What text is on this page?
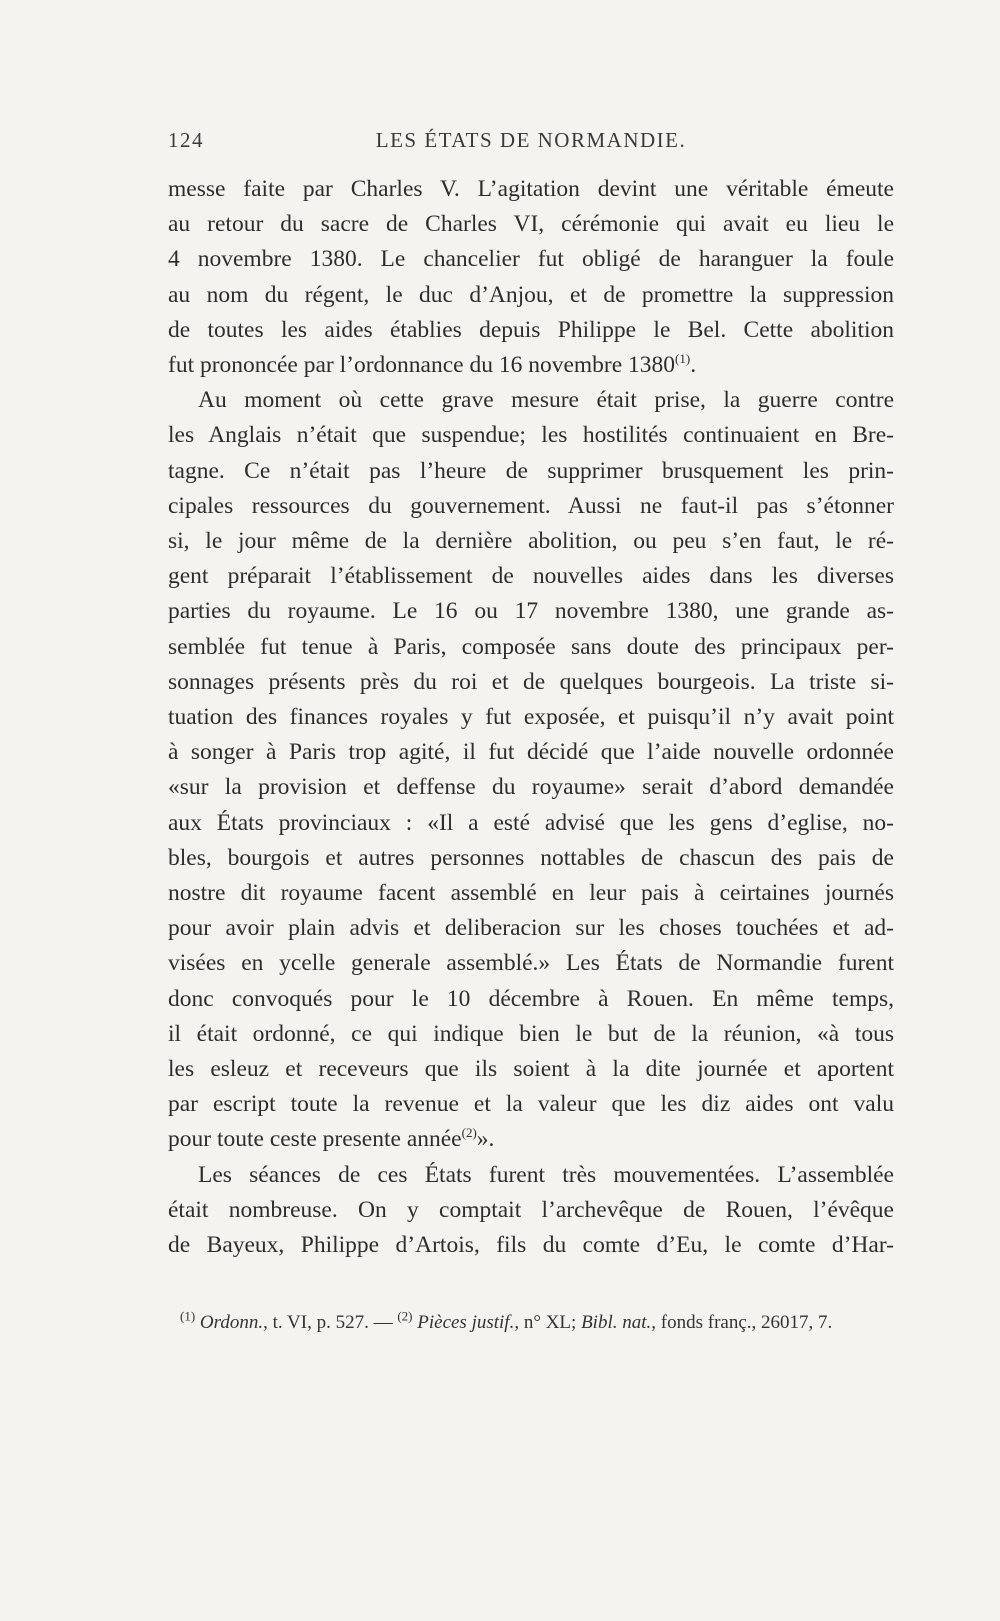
124	LES ÉTATS DE NORMANDIE.

messe faite par Charles V. L’agitation devint une véritable émeute
au retour du sacre de Charles VI, cérémonie qui avait eu lieu le
4 novembre 1380. Le chancelier fut obligé de haranguer la foule
au nom du régent, le duc d’Anjou, et de promettre la suppression
de toutes les aides établies depuis Philippe le Bel. Cette abolition
fut prononcée par l’ordonnance du 16 novembre 1380$^{(1)}$.

Au moment où cette grave mesure était prise, la guerre contre
les Anglais n’était que suspendue; les hostilités continuaient en Bre-
tagne. Ce n’était pas l’heure de supprimer brusquement les prin-
cipales ressources du gouvernement. Aussi ne faut-il pas s’étonner
si, le jour même de la dernière abolition, ou peu s’en faut, le ré-
gent préparait l’établissement de nouvelles aides dans les diverses
parties du royaume. Le 16 ou 17 novembre 1380, une grande as-
semblée fut tenue à Paris, composée sans doute des principaux per-
sonnages présents près du roi et de quelques bourgeois. La triste si-
tuation des finances royales y fut exposée, et puisqu’il n’y avait point
à songer à Paris trop agité, il fut décidé que l’aide nouvelle ordonnée
«sur la provision et deffense du royaume» serait d’abord demandée
aux États provinciaux : «Il a esté advisé que les gens d’eglise, no-
bles, bourgois et autres personnes nottables de chascun des pais de
nostre dit royaume facent assemblé en leur pais à ceirtaines journés
pour avoir plain advis et deliberacion sur les choses touchées et ad-
visées en ycelle generale assemblé.» Les États de Normandie furent
donc convoqués pour le 10 décembre à Rouen. En même temps,
il était ordonné, ce qui indique bien le but de la réunion, «à tous
les esleuz et receveurs que ils soient à la dite journée et aportent
par escript toute la revenue et la valeur que les diz aides ont valu
pour toute ceste presente année$^{(2)}$».

Les séances de ces États furent très mouvementées. L’assemblée
était nombreuse. On y comptait l’archevêque de Rouen, l’évêque
de Bayeux, Philippe d’Artois, fils du comte d’Eu, le comte d’Har-

$^{(1)}$ Ordonn., t. VI, p. 527. — $^{(2)}$ Pièces justif., n° XL; Bibl. nat., fonds franç., 26017, 7.
